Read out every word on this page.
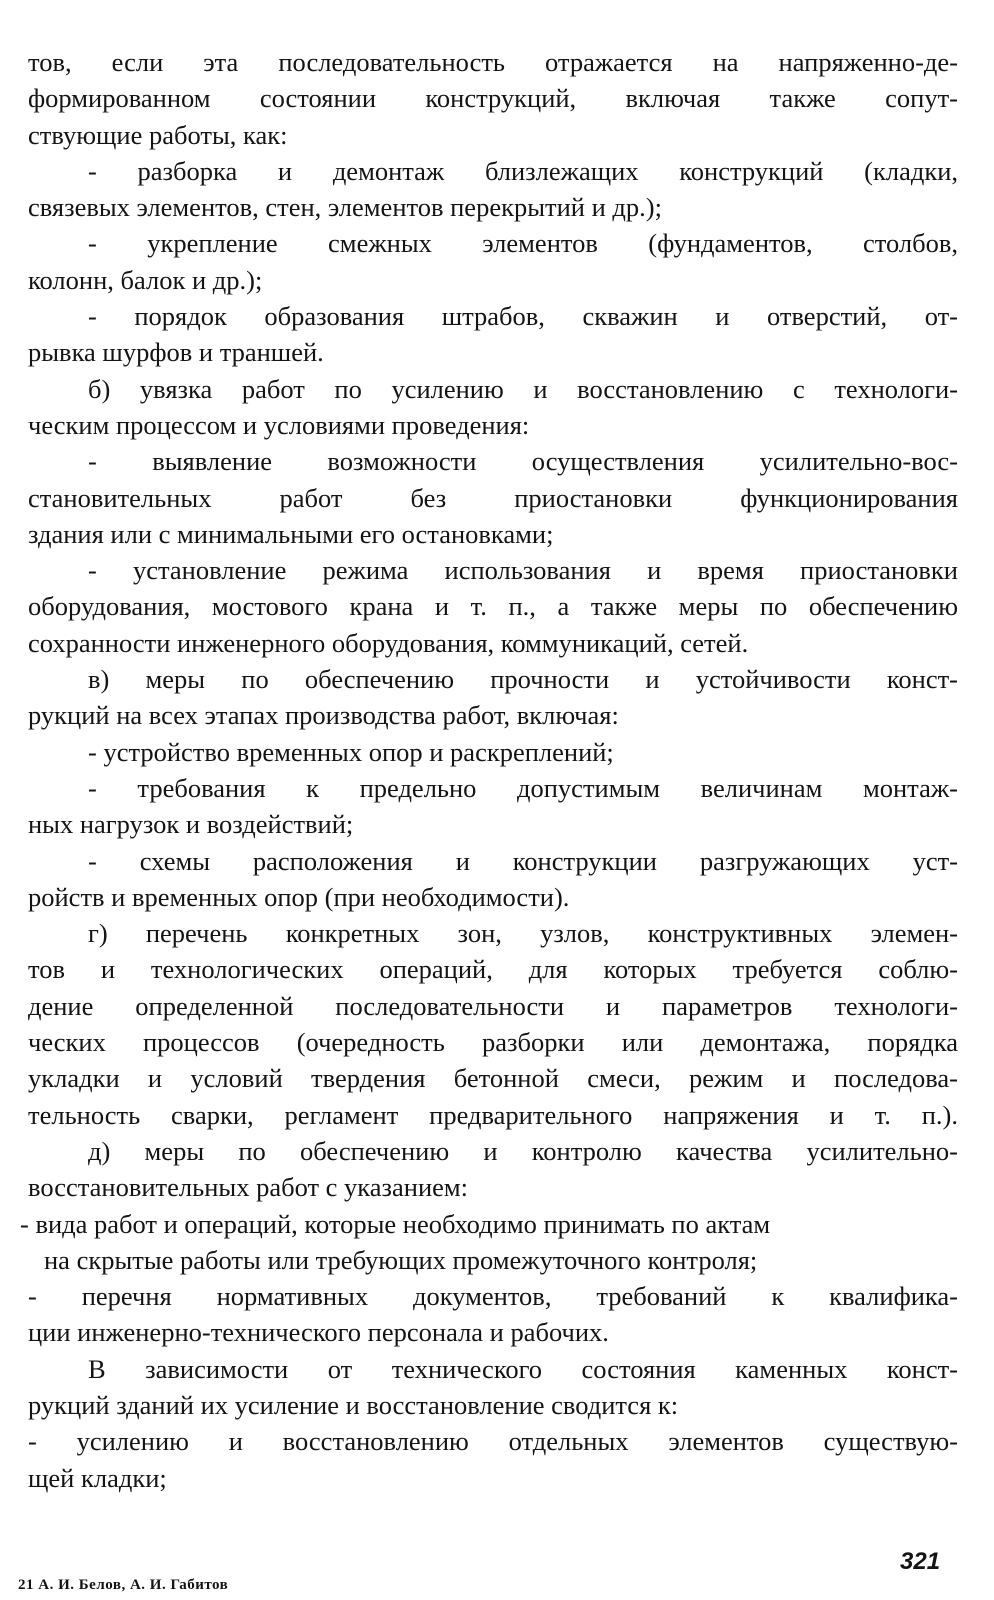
тов, если эта последовательность отражается на напряженно-де-
формированном состоянии конструкций, включая также сопут-
ствующие работы, как:
- разборка и демонтаж близлежащих конструкций (кладки,
связевых элементов, стен, элементов перекрытий и др.);
- укрепление смежных элементов (фундаментов, столбов,
колонн, балок и др.);
- порядок образования штрабов, скважин и отверстий, от-
рывка шурфов и траншей.
б) увязка работ по усилению и восстановлению с технологи-
ческим процессом и условиями проведения:
- выявление возможности осуществления усилительно-вос-
становительных работ без приостановки функционирования
здания или с минимальными его остановками;
- установление режима использования и время приостановки
оборудования, мостового крана и т. п., а также меры по обеспечению
сохранности инженерного оборудования, коммуникаций, сетей.
в) меры по обеспечению прочности и устойчивости конст-
рукций на всех этапах производства работ, включая:
- устройство временных опор и раскреплений;
- требования к предельно допустимым величинам монтаж-
ных нагрузок и воздействий;
- схемы расположения и конструкции разгружающих уст-
ройств и временных опор (при необходимости).
г) перечень конкретных зон, узлов, конструктивных элемен-
тов и технологических операций, для которых требуется соблю-
дение определенной последовательности и параметров технологи-
ческих процессов (очередность разборки или демонтажа, порядка
укладки и условий твердения бетонной смеси, режим и последова-
тельность сварки, регламент предварительного напряжения и т. п.).
д) меры по обеспечению и контролю качества усилительно-
восстановительных работ с указанием:
- вида работ и операций, которые необходимо принимать по актам
на скрытые работы или требующих промежуточного контроля;
- перечня нормативных документов, требований к квалифика-
ции инженерно-технического персонала и рабочих.
В зависимости от технического состояния каменных конст-
рукций зданий их усиление и восстановление сводится к:
- усилению и восстановлению отдельных элементов существую-
щей кладки;
21 А. И. Белов, А. И. Габитов
321
